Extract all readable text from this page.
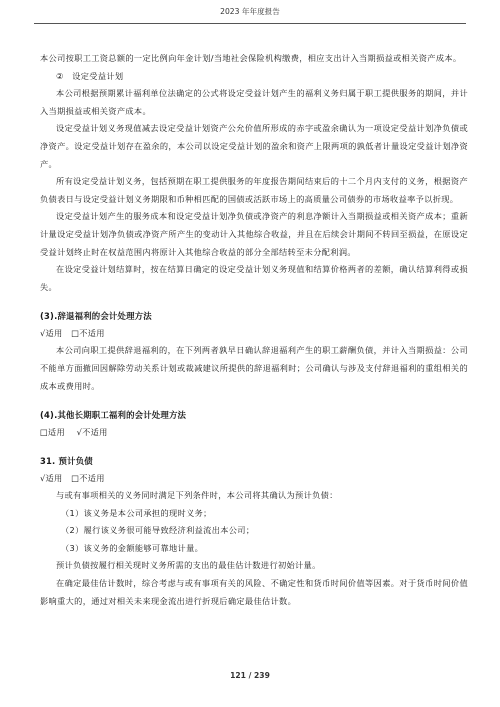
2023 年年度报告

本公司按职工工资总额的一定比例向年金计划/当地社会保险机构缴费，相应支出计入当期损益或相关资产成本。

②　设定受益计划

本公司根据预期累计福利单位法确定的公式将设定受益计划产生的福利义务归属于职工提供服务的期间，并计入当期损益或相关资产成本。

设定受益计划义务现值减去设定受益计划资产公允价值所形成的赤字或盈余确认为一项设定受益计划净负债或净资产。设定受益计划存在盈余的，本公司以设定受益计划的盈余和资产上限两项的孰低者计量设定受益计划净资产。

所有设定受益计划义务，包括预期在职工提供服务的年度报告期间结束后的十二个月内支付的义务，根据资产负债表日与设定受益计划义务期限和币种相匹配的国债或活跃市场上的高质量公司债券的市场收益率予以折现。

设定受益计划产生的服务成本和设定受益计划净负债或净资产的利息净额计入当期损益或相关资产成本；重新计量设定受益计划净负债或净资产所产生的变动计入其他综合收益，并且在后续会计期间不转回至损益，在原设定受益计划终止时在权益范围内将原计入其他综合收益的部分全部结转至未分配利润。

在设定受益计划结算时，按在结算日确定的设定受益计划义务现值和结算价格两者的差额，确认结算利得或损失。

(3).辞退福利的会计处理方法

√适用 □不适用

本公司向职工提供辞退福利的，在下列两者孰早日确认辞退福利产生的职工薪酬负债，并计入当期损益：公司不能单方面撤回因解除劳动关系计划或裁减建议所提供的辞退福利时；公司确认与涉及支付辞退福利的重组相关的成本或费用时。

(4).其他长期职工福利的会计处理方法

□适用 √不适用

31. 预计负债

√适用 □不适用

与或有事项相关的义务同时满足下列条件时，本公司将其确认为预计负债：

（1）该义务是本公司承担的现时义务；

（2）履行该义务很可能导致经济利益流出本公司；

（3）该义务的金额能够可靠地计量。

预计负债按履行相关现时义务所需的支出的最佳估计数进行初始计量。

在确定最佳估计数时，综合考虑与或有事项有关的风险、不确定性和货币时间价值等因素。对于货币时间价值影响重大的，通过对相关未来现金流出进行折现后确定最佳估计数。

121 / 239
